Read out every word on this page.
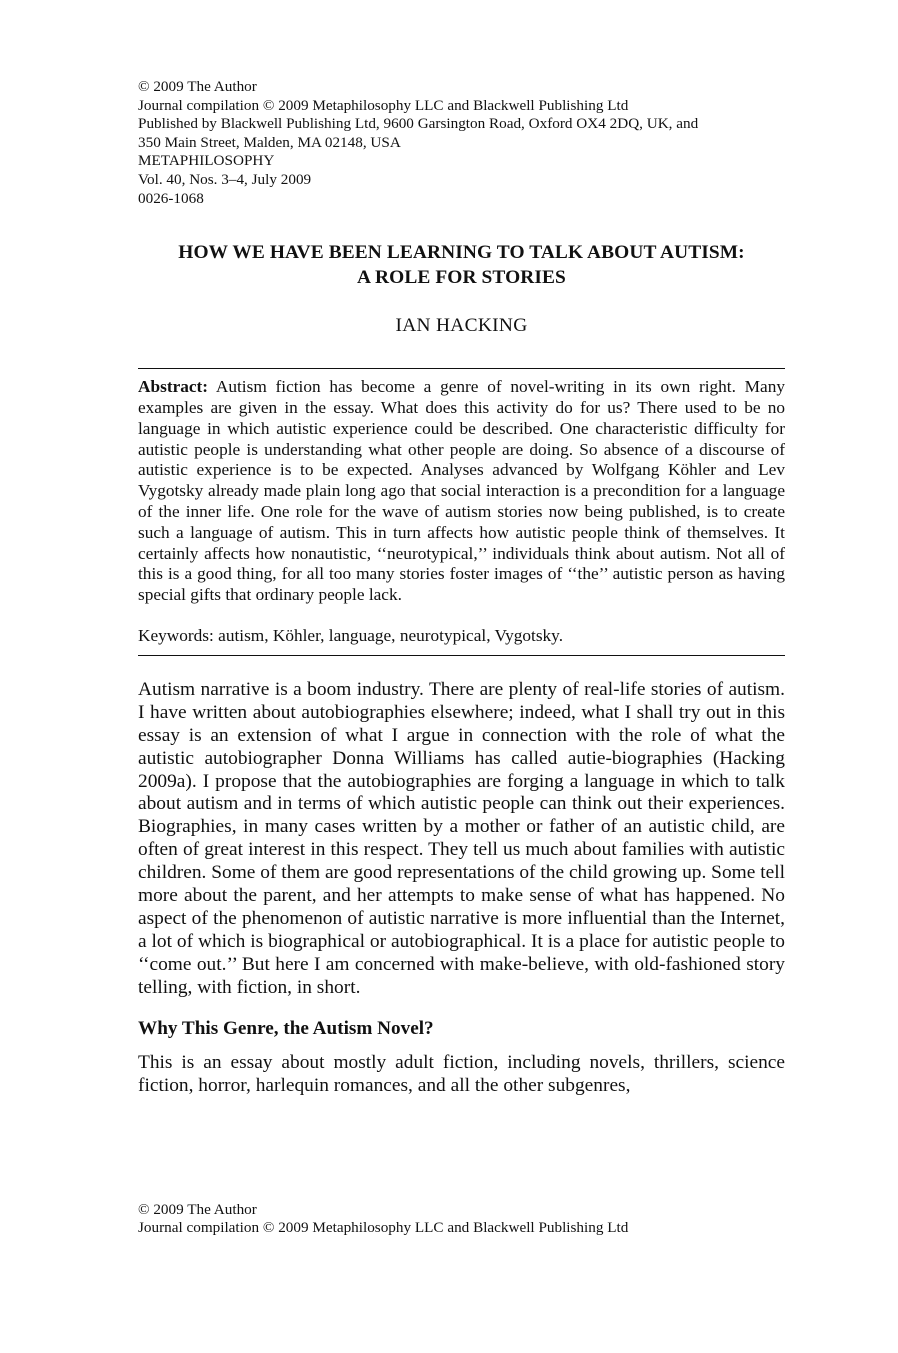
© 2009 The Author
Journal compilation © 2009 Metaphilosophy LLC and Blackwell Publishing Ltd
Published by Blackwell Publishing Ltd, 9600 Garsington Road, Oxford OX4 2DQ, UK, and
350 Main Street, Malden, MA 02148, USA
METAPHILOSOPHY
Vol. 40, Nos. 3–4, July 2009
0026-1068
HOW WE HAVE BEEN LEARNING TO TALK ABOUT AUTISM:
A ROLE FOR STORIES
IAN HACKING
Abstract: Autism fiction has become a genre of novel-writing in its own right. Many examples are given in the essay. What does this activity do for us? There used to be no language in which autistic experience could be described. One characteristic difficulty for autistic people is understanding what other people are doing. So absence of a discourse of autistic experience is to be expected. Analyses advanced by Wolfgang Köhler and Lev Vygotsky already made plain long ago that social interaction is a precondition for a language of the inner life. One role for the wave of autism stories now being published, is to create such a language of autism. This in turn affects how autistic people think of themselves. It certainly affects how nonautistic, ‘‘neurotypical,’’ individuals think about autism. Not all of this is a good thing, for all too many stories foster images of ‘‘the’’ autistic person as having special gifts that ordinary people lack.
Keywords: autism, Köhler, language, neurotypical, Vygotsky.
Autism narrative is a boom industry. There are plenty of real-life stories of autism. I have written about autobiographies elsewhere; indeed, what I shall try out in this essay is an extension of what I argue in connection with the role of what the autistic autobiographer Donna Williams has called autie-biographies (Hacking 2009a). I propose that the autobiographies are forging a language in which to talk about autism and in terms of which autistic people can think out their experiences. Biographies, in many cases written by a mother or father of an autistic child, are often of great interest in this respect. They tell us much about families with autistic children. Some of them are good representations of the child growing up. Some tell more about the parent, and her attempts to make sense of what has happened. No aspect of the phenomenon of autistic narrative is more influential than the Internet, a lot of which is biographical or autobiographical. It is a place for autistic people to ‘‘come out.’’ But here I am concerned with make-believe, with old-fashioned story telling, with fiction, in short.
Why This Genre, the Autism Novel?
This is an essay about mostly adult fiction, including novels, thrillers, science fiction, horror, harlequin romances, and all the other subgenres,
© 2009 The Author
Journal compilation © 2009 Metaphilosophy LLC and Blackwell Publishing Ltd
